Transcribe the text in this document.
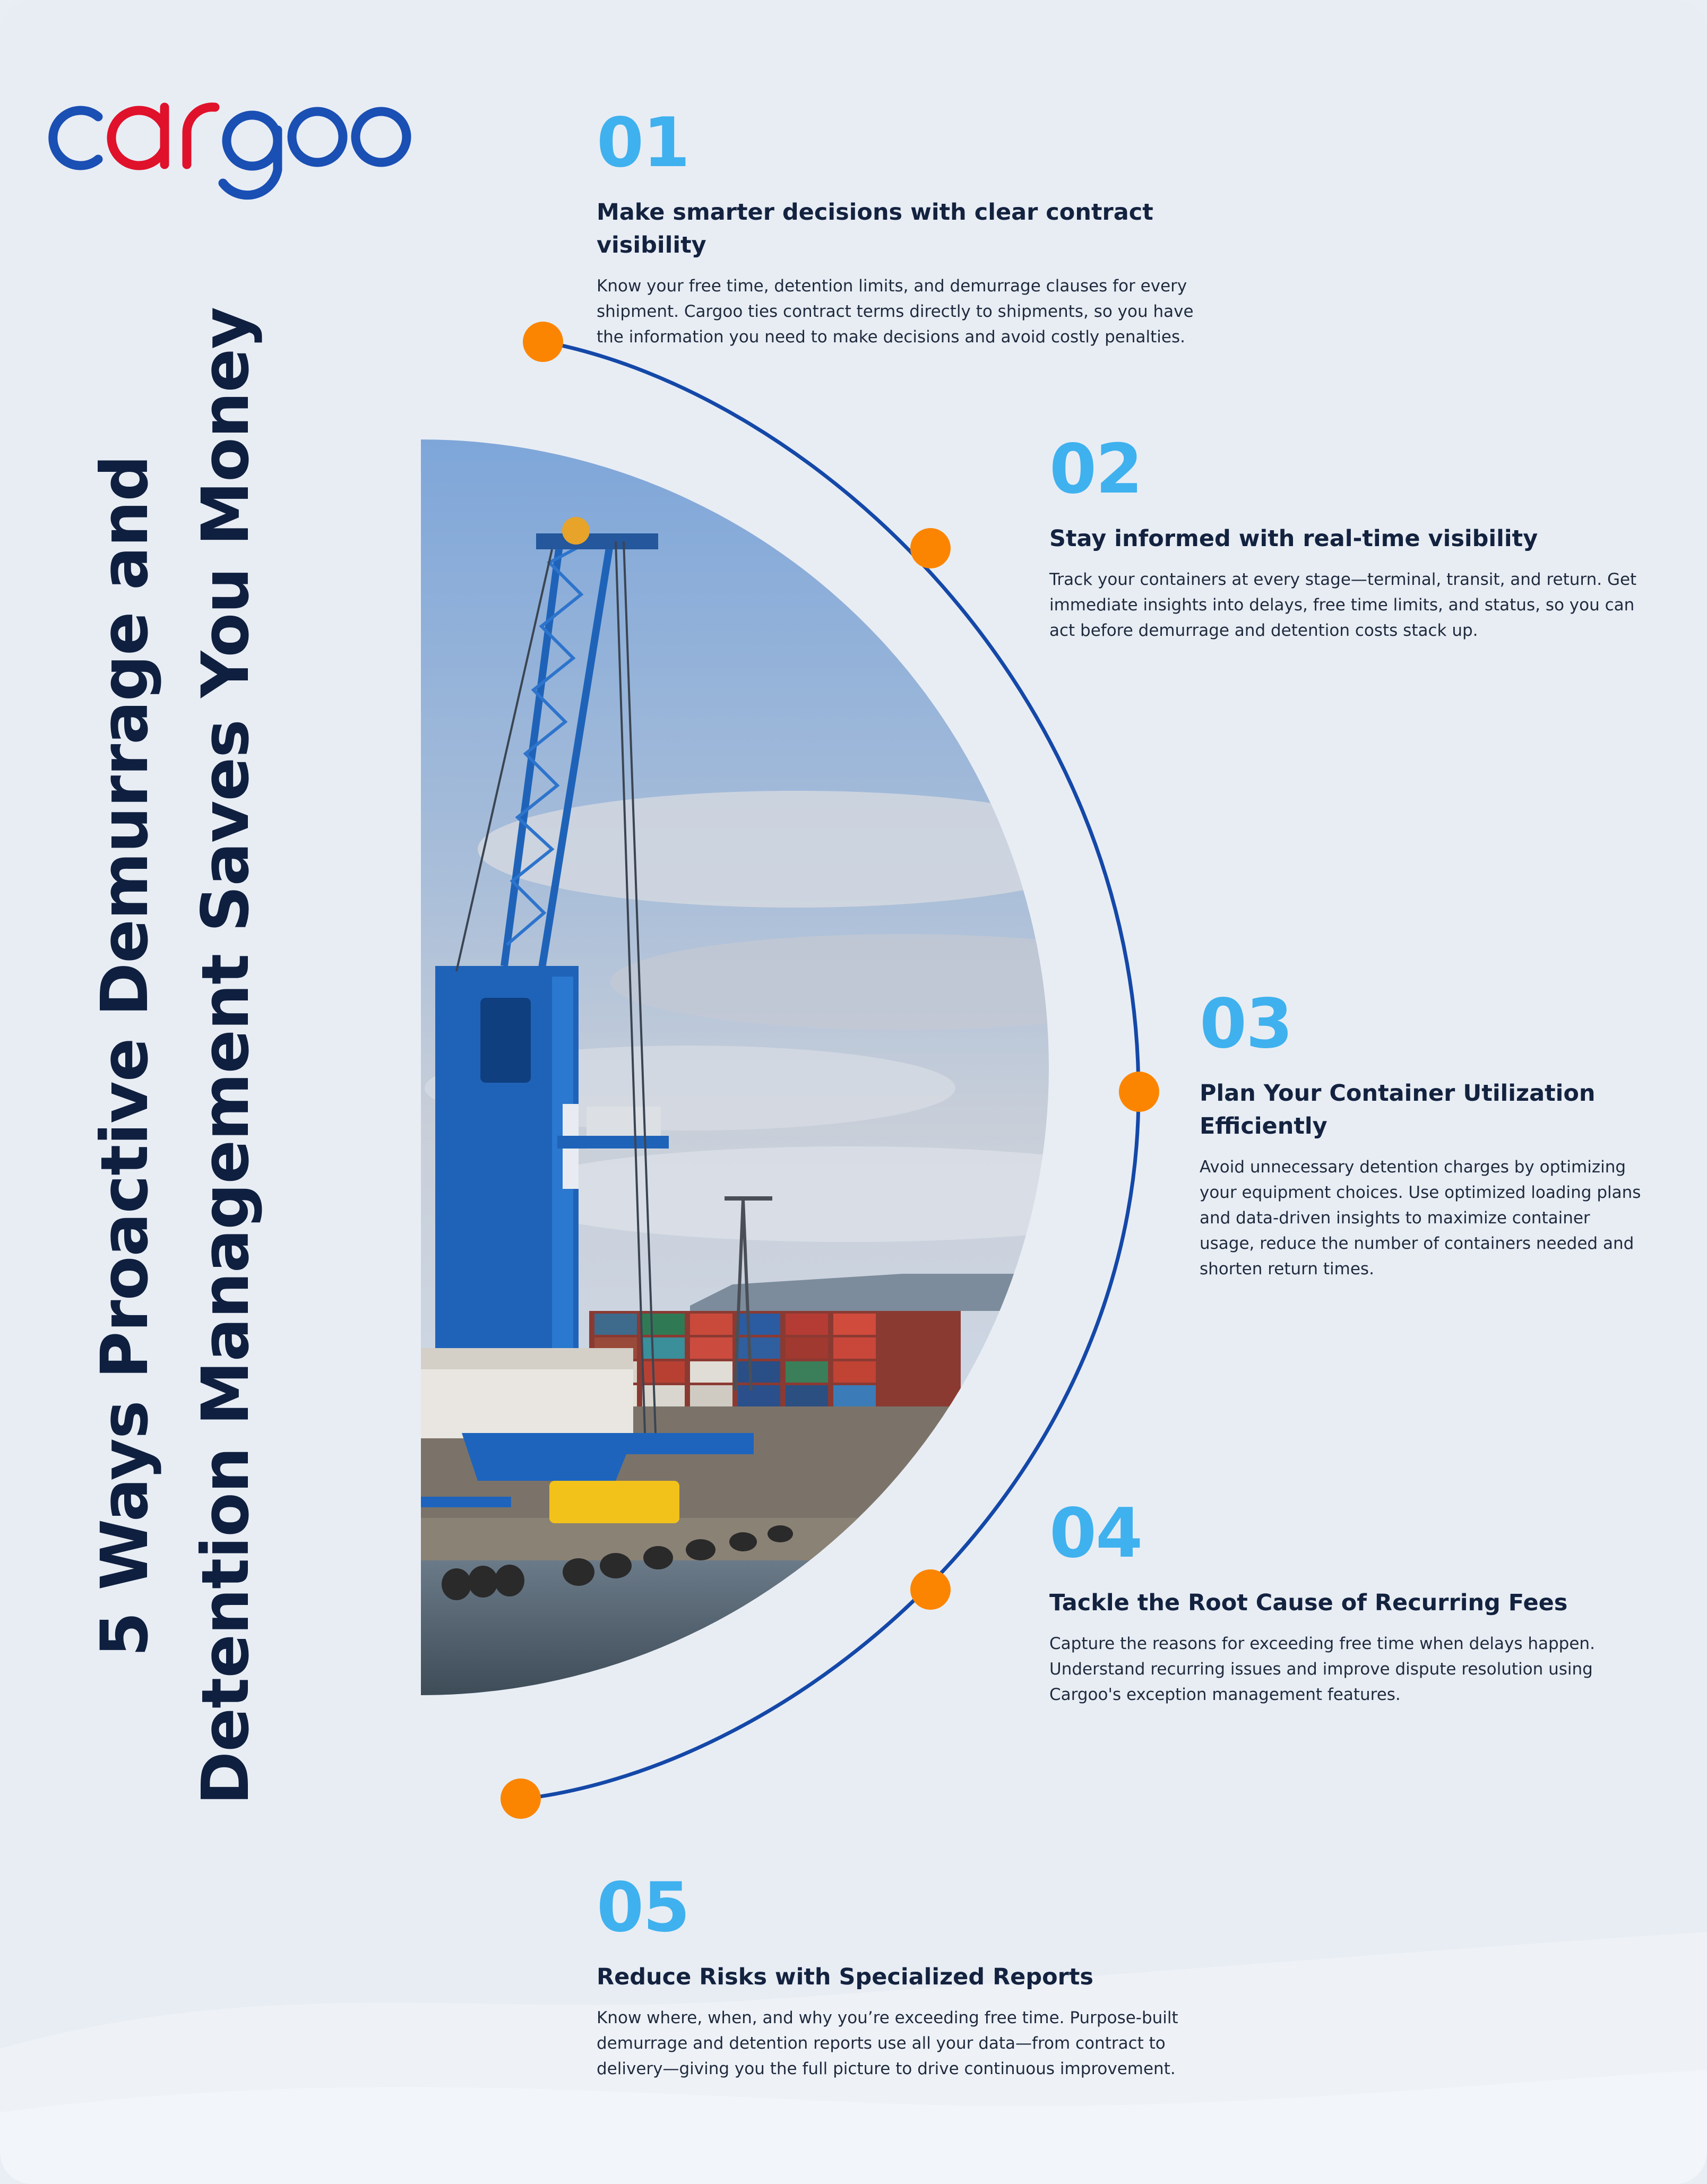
5 Ways Proactive Demurrage and Detention Management Saves You Money
01
Make smarter decisions with clear contract visibility
Know your free time, detention limits, and demurrage clauses for every shipment. Cargoo ties contract terms directly to shipments, so you have the information you need to make decisions and avoid costly penalties.
02
Stay informed with real-time visibility
Track your containers at every stage—terminal, transit, and return. Get immediate insights into delays, free time limits, and status, so you can act before demurrage and detention costs stack up.
03
Plan Your Container Utilization Efficiently
Avoid unnecessary detention charges by optimizing your equipment choices. Use optimized loading plans and data-driven insights to maximize container usage, reduce the number of containers needed and shorten return times.
04
Tackle the Root Cause of Recurring Fees
Capture the reasons for exceeding free time when delays happen. Understand recurring issues and improve dispute resolution using Cargoo's exception management features.
05
Reduce Risks with Specialized Reports
Know where, when, and why you’re exceeding free time. Purpose-built demurrage and detention reports use all your data—from contract to delivery—giving you the full picture to drive continuous improvement.
